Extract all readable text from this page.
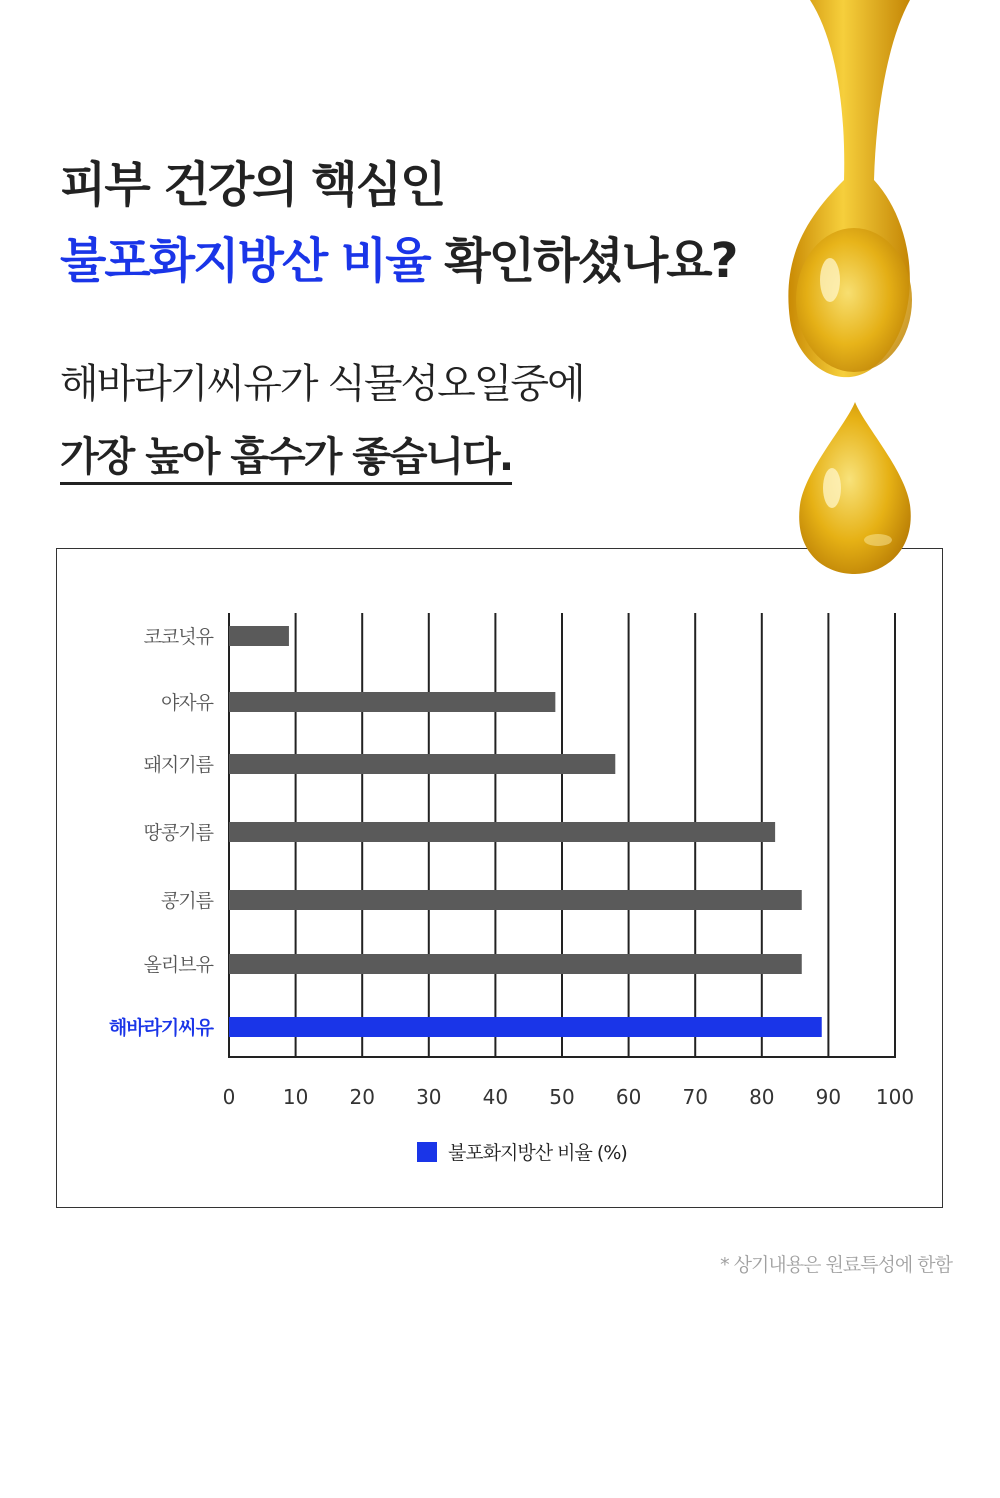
피부 건강의 핵심인
불포화지방산 비율 확인하셨나요?

해바라기씨유가 식물성오일중에

가장 높아 흡수가 좋습니다.

0 10 20 30 40 50 60 70 80 90 100
코코넛유
야자유
돼지기름
땅콩기름
콩기름
올리브유
해바라기씨유
불포화지방산 비율 (%)
* 상기내용은 원료특성에 한함
